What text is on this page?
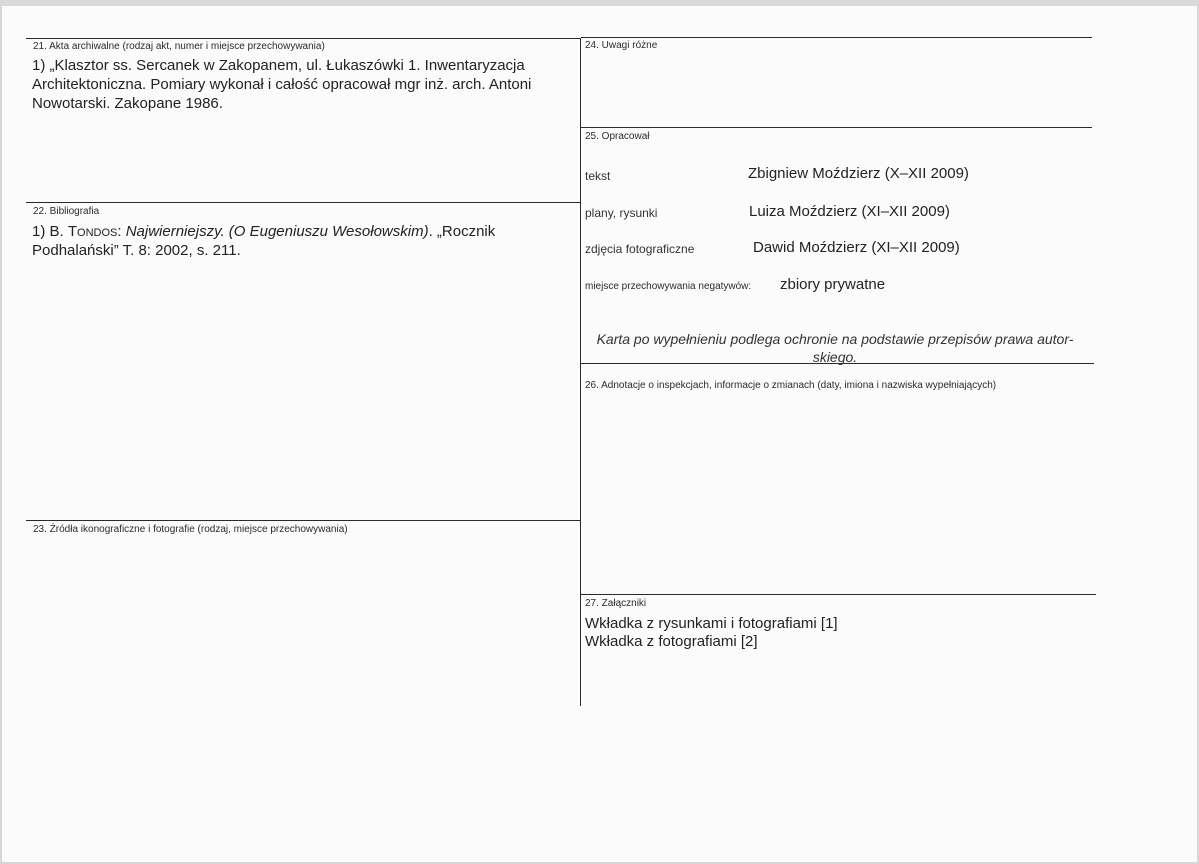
21. Akta archiwalne (rodzaj akt, numer i miejsce przechowywania)
1) „Klasztor ss. Sercanek w Zakopanem, ul. Łukaszówki 1. Inwentaryzacja Architektoniczna. Pomiary wykonał i całość opracował mgr inż. arch. Antoni Nowotarski. Zakopane 1986.
22. Bibliografia
1) B. Tondos: Najwierniejszy. (O Eugeniuszu Wesołowskim). „Rocznik Podhalański” T. 8: 2002, s. 211.
23. Źródła ikonograficzne i fotografie (rodzaj, miejsce przechowywania)
24. Uwagi różne
25. Opracował
tekst	Zbigniew Moździerz (X–XII 2009)
plany, rysunki	Luiza Moździerz (XI–XII 2009)
zdjęcia fotograficzne	Dawid Moździerz (XI–XII 2009)
miejsce przechowywania negatywów: zbiory prywatne
Karta po wypełnieniu podlega ochronie na podstawie przepisów prawa autor-skiego.
26. Adnotacje o inspekcjach, informacje o zmianach (daty, imiona i nazwiska wypełniających)
27. Załączniki
Wkładka z rysunkami i fotografiami [1]
Wkładka z fotografiami [2]
